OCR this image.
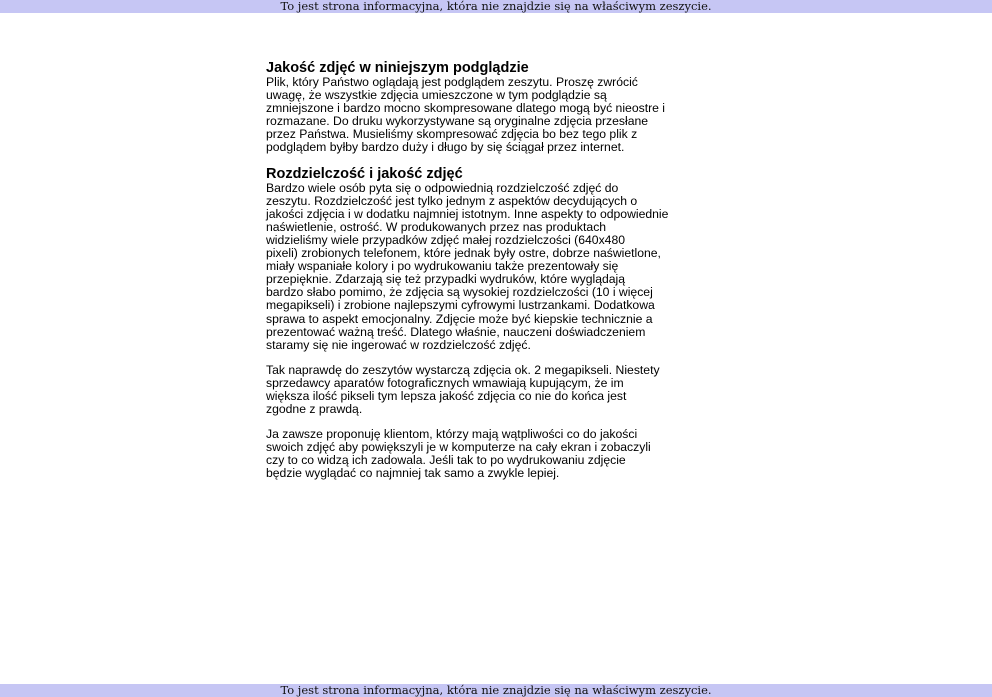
To jest strona informacyjna, która nie znajdzie się na właściwym zeszycie.
Jakość zdjęć w niniejszym podglądzie

Plik, który Państwo oglądają jest podglądem zeszytu. Proszę zwrócić
uwagę, że wszystkie zdjęcia umieszczone w tym podglądzie są
zmniejszone i bardzo mocno skompresowane dlatego mogą być nieostre i
rozmazane. Do druku wykorzystywane są oryginalne zdjęcia przesłane
przez Państwa. Musieliśmy skompresować zdjęcia bo bez tego plik z
podglądem byłby bardzo duży i długo by się ściągał przez internet.

Rozdzielczość i jakość zdjęć

Bardzo wiele osób pyta się o odpowiednią rozdzielczość zdjęć do
zeszytu. Rozdzielczość jest tylko jednym z aspektów decydujących o
jakości zdjęcia i w dodatku najmniej istotnym. Inne aspekty to odpowiednie
naświetlenie, ostrość. W produkowanych przez nas produktach
widzieliśmy wiele przypadków zdjęć małej rozdzielczości (640x480
pixeli) zrobionych telefonem, które jednak były ostre, dobrze naświetlone,
miały wspaniałe kolory i po wydrukowaniu także prezentowały się
przepięknie. Zdarzają się też przypadki wydruków, które wyglądają
bardzo słabo pomimo, że zdjęcia są wysokiej rozdzielczości (10 i więcej
megapikseli) i zrobione najlepszymi cyfrowymi lustrzankami. Dodatkowa
sprawa to aspekt emocjonalny. Zdjęcie może być kiepskie technicznie a
prezentować ważną treść. Dlatego właśnie, nauczeni doświadczeniem
staramy się nie ingerować w rozdzielczość zdjęć.

Tak naprawdę do zeszytów wystarczą zdjęcia ok. 2 megapikseli. Niestety
sprzedawcy aparatów fotograficznych wmawiają kupującym, że im
większa ilość pikseli tym lepsza jakość zdjęcia co nie do końca jest
zgodne z prawdą.

Ja zawsze proponuję klientom, którzy mają wątpliwości co do jakości
swoich zdjęć aby powiększyli je w komputerze na cały ekran i zobaczyli
czy to co widzą ich zadowala. Jeśli tak to po wydrukowaniu zdjęcie
będzie wyglądać co najmniej tak samo a zwykle lepiej.

To jest strona informacyjna, która nie znajdzie się na właściwym zeszycie.
